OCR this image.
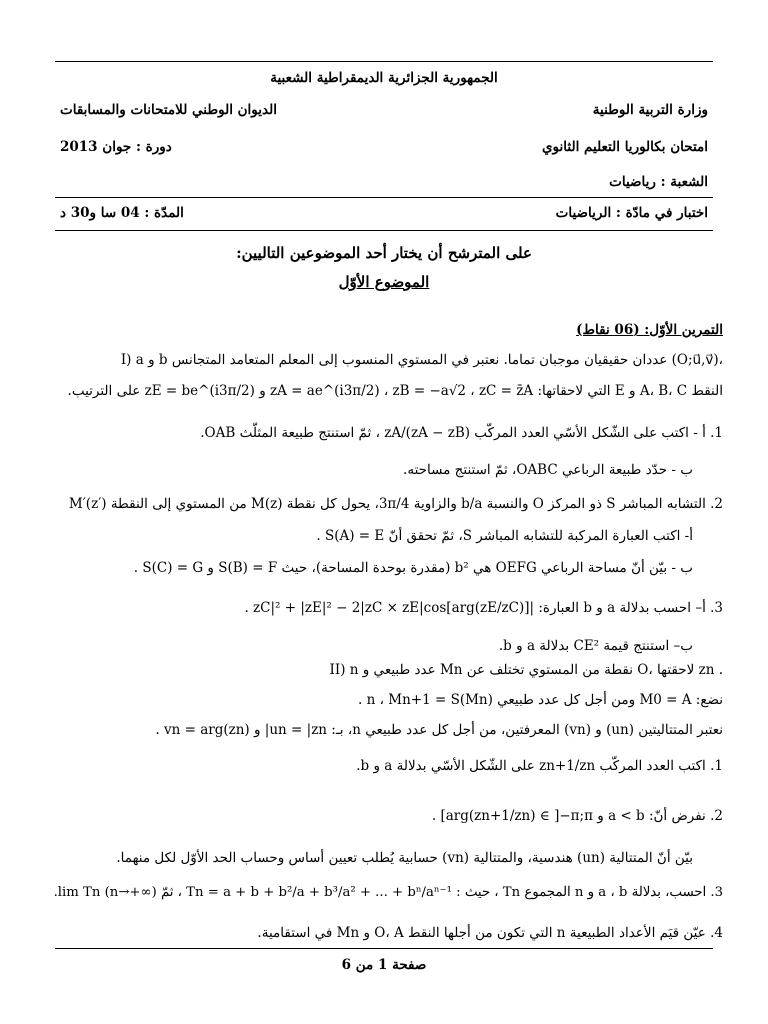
الجمهورية الجزائرية الديمقراطية الشعبية
وزارة التربية الوطنية
الديوان الوطني للامتحانات والمسابقات
امتحان بكالوريا التعليم الثانوي
دورة : جوان 2013
الشعبة : رياضيات
اختبار في مادّة : الرياضيات
المدّة : 04 سا و30 د
على المترشح أن يختار أحد الموضوعين التاليين:
الموضوع الأوّل
التمرين الأوّل: (06 نقاط)
I) a و b عددان حقيقيان موجبان تماما. نعتبر في المستوي المنسوب إلى المعلم المتعامد المتجانس (O;u⃗,v⃗)،
النقط A، B، C و E التي لاحقاتها: zA = ae^(i3π/2) ، zB = −a√2 ، zC = z̄A و zE = be^(i3π/2) على الترتيب.
1. أ - اكتب على الشّكل الأسّي العدد المركّب (zA − zB)/zA ، ثمّ استنتج طبيعة المثلّث OAB.
ب - حدّد طبيعة الرباعي OABC، ثمّ استنتج مساحته.
2. التشابه المباشر S ذو المركز O والنسبة b/a والزاوية 3π/4، يحول كل نقطة M(z) من المستوي إلى النقطة M′(z′)
أ- اكتب العبارة المركبة للتشابه المباشر S، ثمّ تحقق أنّ S(A) = E .
ب - بيّن أنّ مساحة الرباعي OEFG هي b² (مقدرة بوحدة المساحة)، حيث S(B) = F و S(C) = G .
3. أ– احسب بدلالة a و b العبارة: |zC|² + |zE|² − 2|zC × zE|cos[arg(zE/zC)] .
ب– استنتج قيمة CE² بدلالة a و b.
II) n عدد طبيعي و Mn نقطة من المستوي تختلف عن O، لاحقتها zn .
نضع: M0 = A ومن أجل كل عدد طبيعي n ، Mn+1 = S(Mn) .
نعتبر المتتاليتين (un) و (vn) المعرفتين، من أجل كل عدد طبيعي n، بـ: un = |zn| و vn = arg(zn) .
1. اكتب العدد المركّب zn+1/zn على الشّكل الأسّي بدلالة a و b.
2. نفرض أنّ: a < b و arg(zn+1/zn) ∈ ]−π;π] .
بيّن أنّ المتتالية (un) هندسية، والمتتالية (vn) حسابية يُطلب تعيين أساس وحساب الحد الأوّل لكل منهما.
3. احسب، بدلالة a ، b و n المجموع Tn ، حيث : Tn = a + b + b²/a + b³/a² + ... + bⁿ/aⁿ⁻¹ ، ثمّ lim Tn (n→+∞).
4. عيّن قيَم الأعداد الطبيعية n التي تكون من أجلها النقط O، A و Mn في استقامية.
صفحة 1 من 6
